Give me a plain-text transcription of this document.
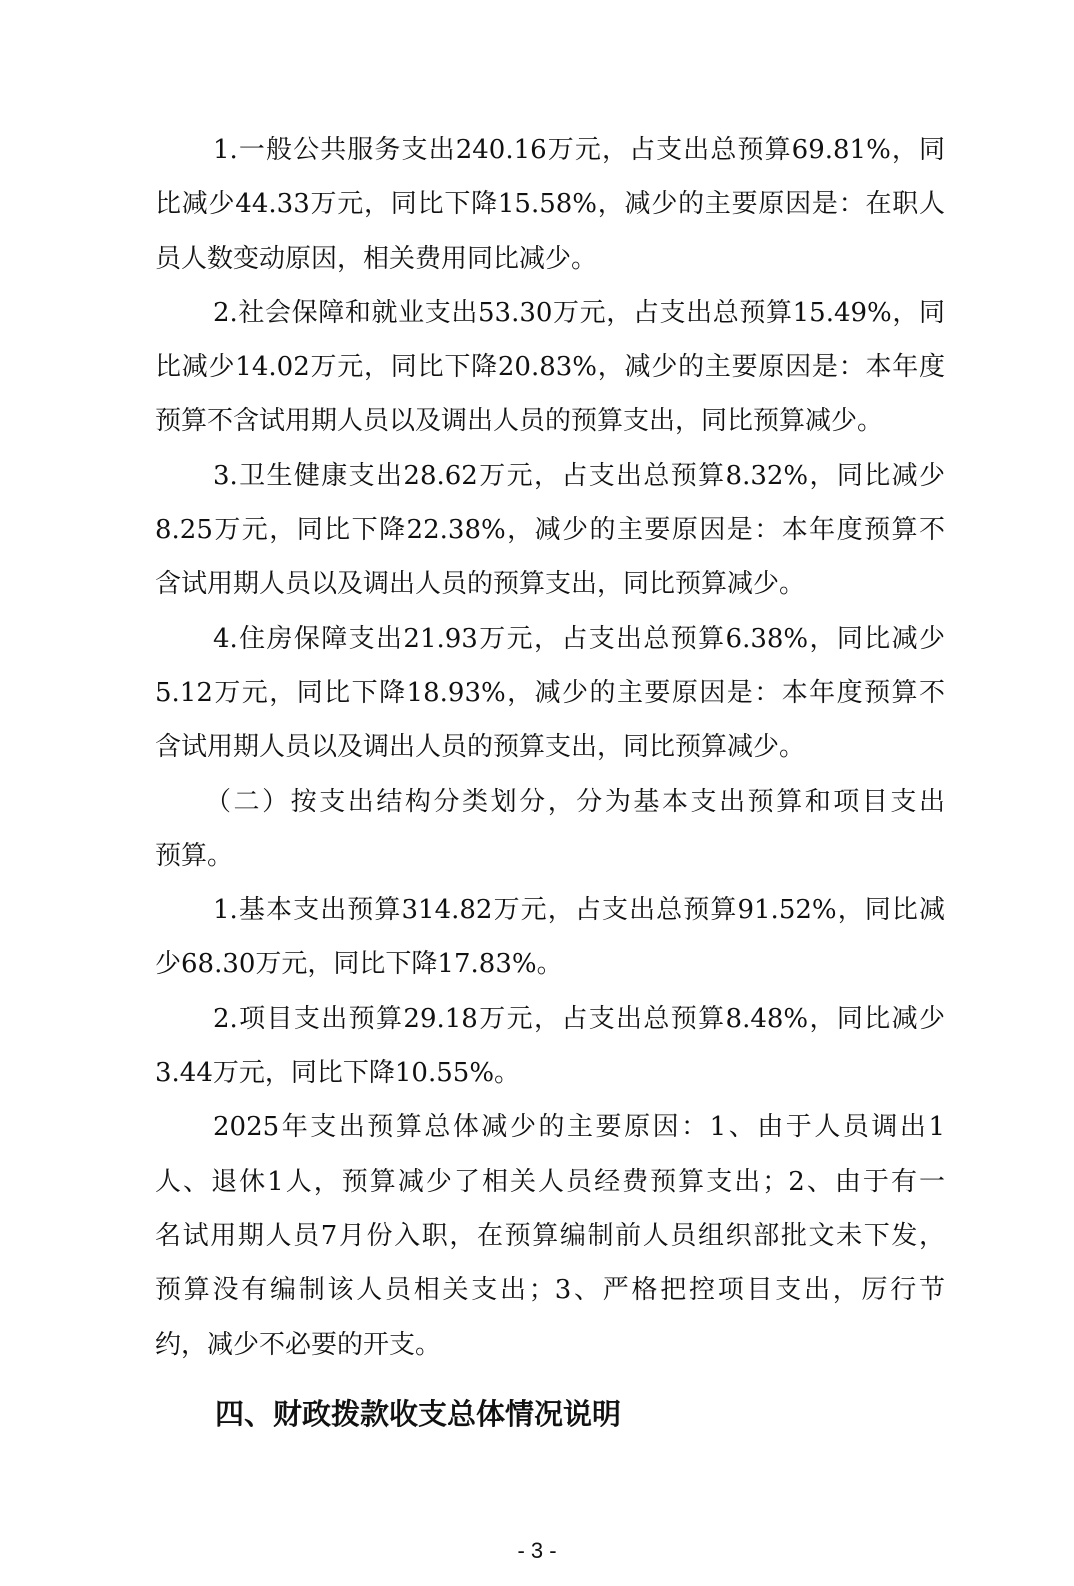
1.一般公共服务支出240.16万元，占支出总预算69.81%，同
比减少44.33万元，同比下降15.58%，减少的主要原因是：在职人
员人数变动原因，相关费用同比减少。
2.社会保障和就业支出53.30万元，占支出总预算15.49%，同
比减少14.02万元，同比下降20.83%，减少的主要原因是：本年度
预算不含试用期人员以及调出人员的预算支出，同比预算减少。
3.卫生健康支出28.62万元，占支出总预算8.32%，同比减少
8.25万元，同比下降22.38%，减少的主要原因是：本年度预算不
含试用期人员以及调出人员的预算支出，同比预算减少。
4.住房保障支出21.93万元，占支出总预算6.38%，同比减少
5.12万元，同比下降18.93%，减少的主要原因是：本年度预算不
含试用期人员以及调出人员的预算支出，同比预算减少。
（二）按支出结构分类划分，分为基本支出预算和项目支出
预算。
1.基本支出预算314.82万元，占支出总预算91.52%，同比减
少68.30万元，同比下降17.83%。
2.项目支出预算29.18万元，占支出总预算8.48%，同比减少
3.44万元，同比下降10.55%。
2025年支出预算总体减少的主要原因：1、由于人员调出1
人、退休1人，预算减少了相关人员经费预算支出；2、由于有一
名试用期人员7月份入职，在预算编制前人员组织部批文未下发，
预算没有编制该人员相关支出；3、严格把控项目支出，厉行节
约，减少不必要的开支。
四、财政拨款收支总体情况说明
- 3 -
